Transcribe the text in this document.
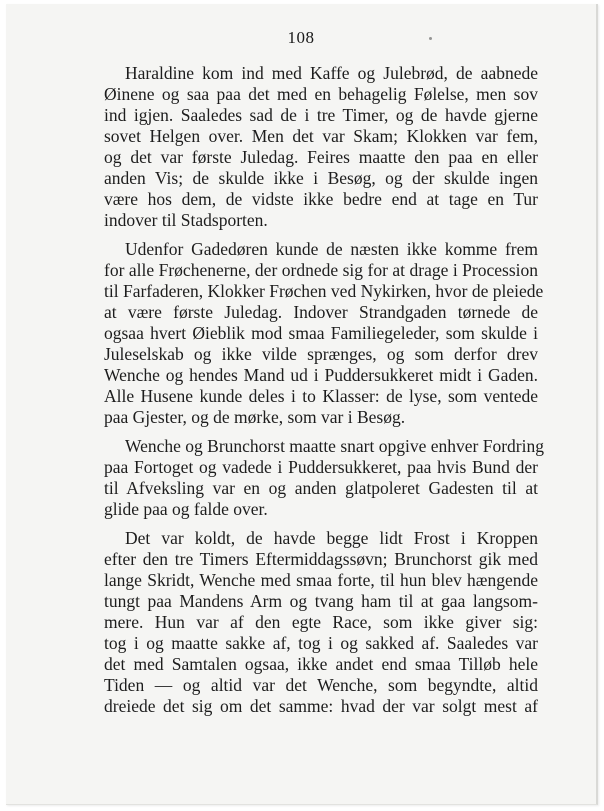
108
Haraldine kom ind med Kaffe og Julebrød, de aabnede
Øinene og saa paa det med en behagelig Følelse, men sov
ind igjen. Saaledes sad de i tre Timer, og de havde gjerne
sovet Helgen over. Men det var Skam; Klokken var fem,
og det var første Juledag. Feires maatte den paa en eller
anden Vis; de skulde ikke i Besøg, og der skulde ingen
være hos dem, de vidste ikke bedre end at tage en Tur
indover til Stadsporten.
Udenfor Gadedøren kunde de næsten ikke komme frem
for alle Frøchenerne, der ordnede sig for at drage i Procession
til Farfaderen, Klokker Frøchen ved Nykirken, hvor de pleiede
at være første Juledag. Indover Strandgaden tørnede de
ogsaa hvert Øieblik mod smaa Familiegeleder, som skulde i
Juleselskab og ikke vilde sprænges, og som derfor drev
Wenche og hendes Mand ud i Puddersukkeret midt i Gaden.
Alle Husene kunde deles i to Klasser: de lyse, som ventede
paa Gjester, og de mørke, som var i Besøg.
Wenche og Brunchorst maatte snart opgive enhver Fordring
paa Fortoget og vadede i Puddersukkeret, paa hvis Bund der
til Afveksling var en og anden glatpoleret Gadesten til at
glide paa og falde over.
Det var koldt, de havde begge lidt Frost i Kroppen
efter den tre Timers Eftermiddagssøvn; Brunchorst gik med
lange Skridt, Wenche med smaa forte, til hun blev hængende
tungt paa Mandens Arm og tvang ham til at gaa langsom-
mere. Hun var af den egte Race, som ikke giver sig:
tog i og maatte sakke af, tog i og sakked af. Saaledes var
det med Samtalen ogsaa, ikke andet end smaa Tilløb hele
Tiden — og altid var det Wenche, som begyndte, altid
dreiede det sig om det samme: hvad der var solgt mest af
